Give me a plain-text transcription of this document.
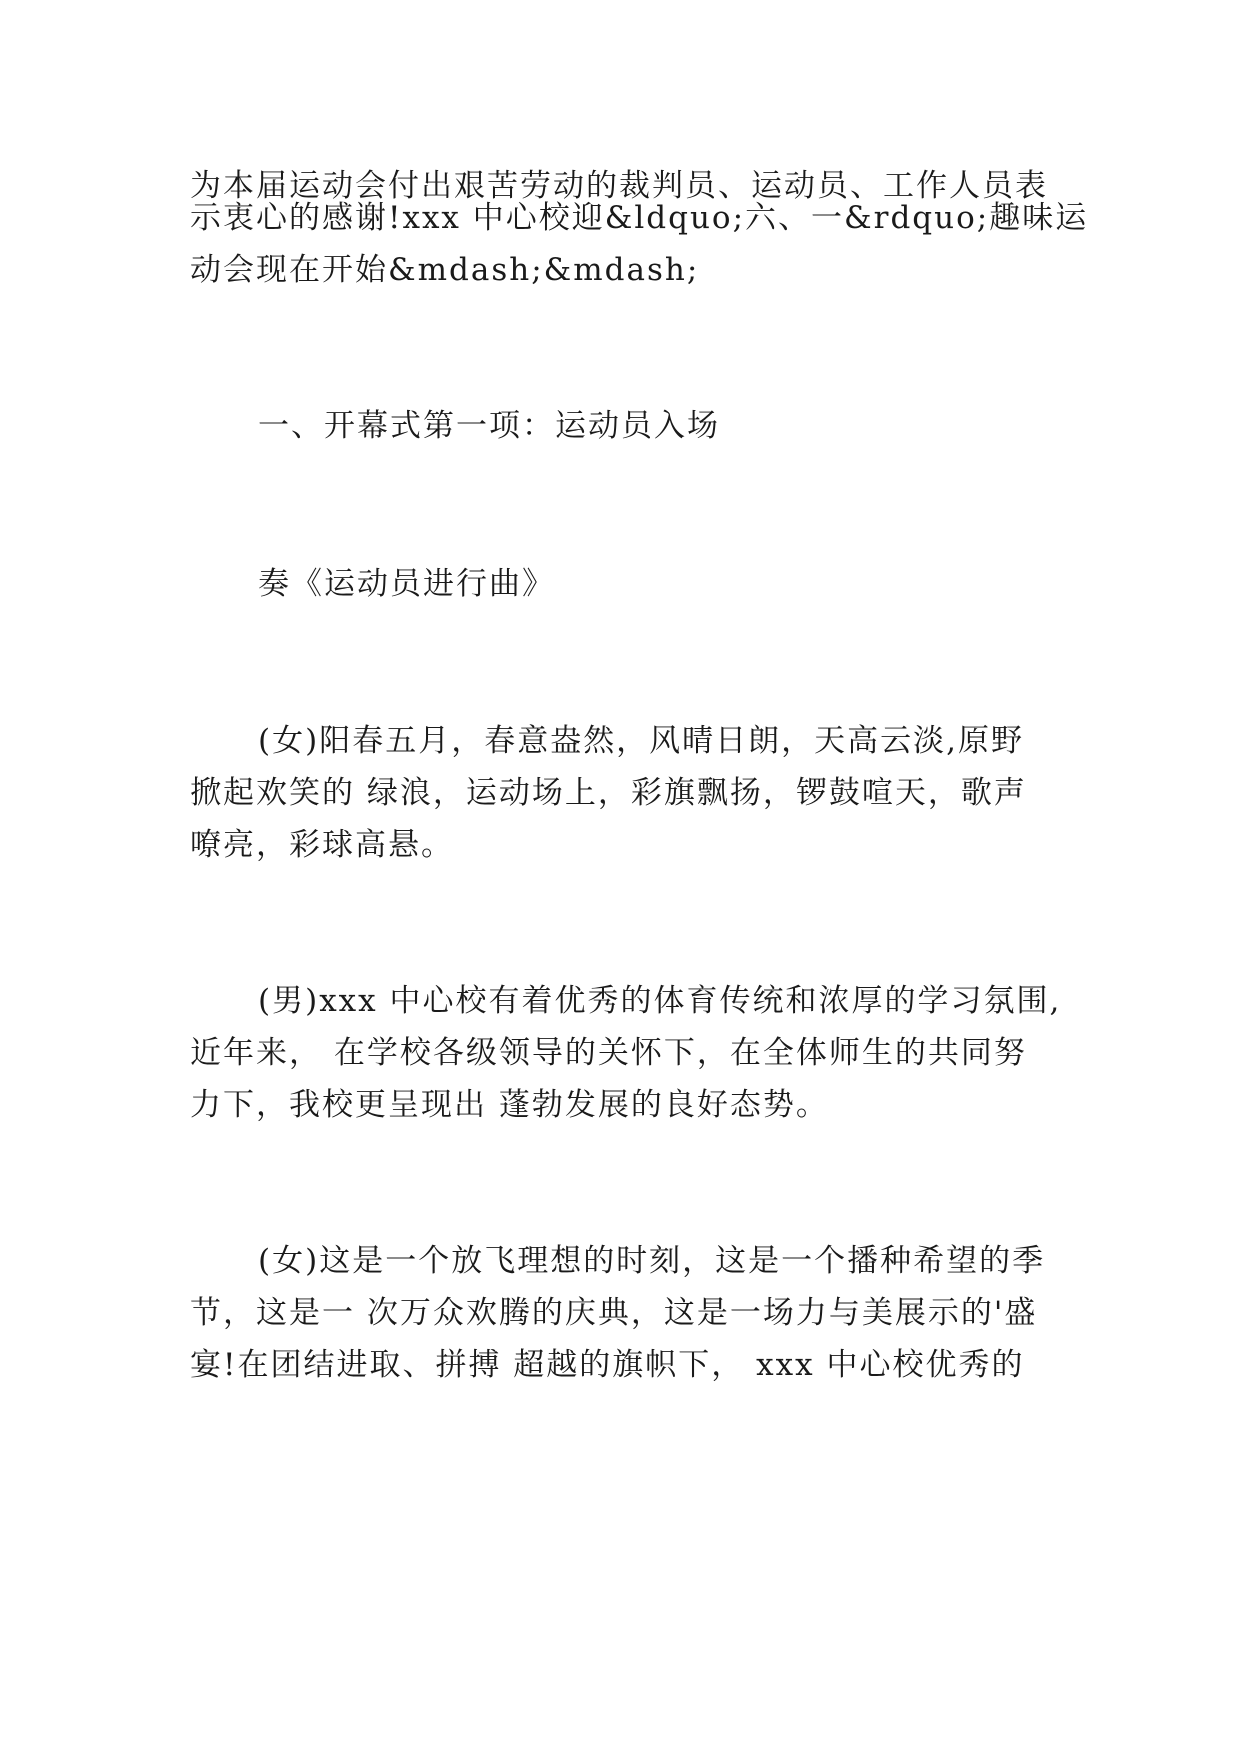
为本届运动会付出艰苦劳动的裁判员、运动员、工作人员表
示衷心的感谢!xxx 中心校迎&ldquo;六、一&rdquo;趣味运
动会现在开始&mdash;&mdash;
一、开幕式第一项：运动员入场
奏《运动员进行曲》
(女)阳春五月，春意盎然，风晴日朗，天高云淡,原野
掀起欢笑的 绿浪，运动场上，彩旗飘扬，锣鼓喧天，歌声
嘹亮，彩球高悬。
(男)xxx 中心校有着优秀的体育传统和浓厚的学习氛围,
近年来， 在学校各级领导的关怀下，在全体师生的共同努
力下，我校更呈现出 蓬勃发展的良好态势。
(女)这是一个放飞理想的时刻，这是一个播种希望的季
节，这是一 次万众欢腾的庆典，这是一场力与美展示的'盛
宴!在团结进取、拼搏 超越的旗帜下， xxx 中心校优秀的
